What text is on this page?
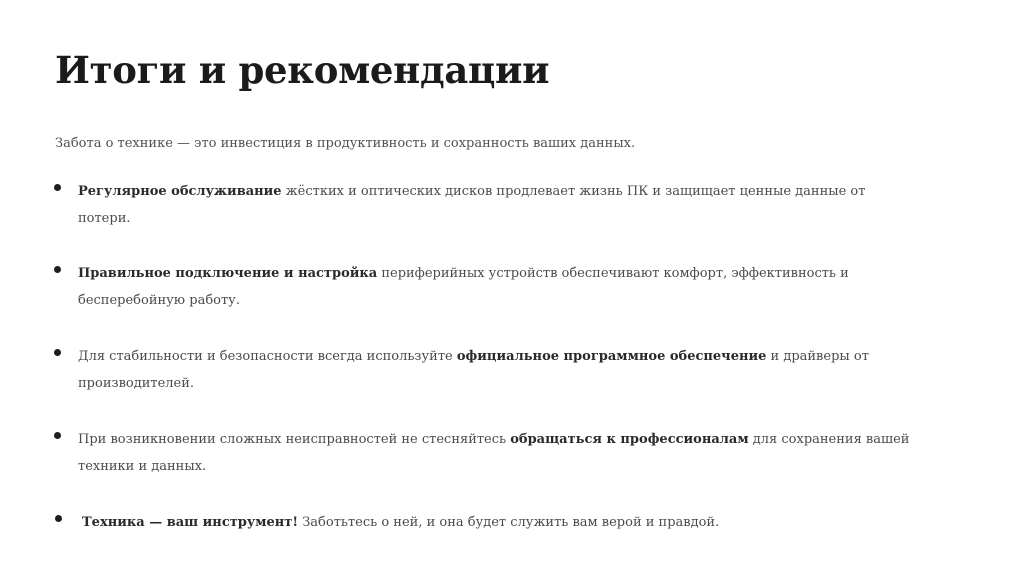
Итоги и рекомендации

Забота о технике — это инвестиция в продуктивность и сохранность ваших данных.

Регулярное обслуживание жёстких и оптических дисков продлевает жизнь ПК и защищает ценные данные от потери.
Правильное подключение и настройка периферийных устройств обеспечивают комфорт, эффективность и бесперебойную работу.
Для стабильности и безопасности всегда используйте официальное программное обеспечение и драйверы от производителей.
При возникновении сложных неисправностей не стесняйтесь обращаться к профессионалам для сохранения вашей техники и данных.
Техника — ваш инструмент! Заботьтесь о ней, и она будет служить вам верой и правдой.
